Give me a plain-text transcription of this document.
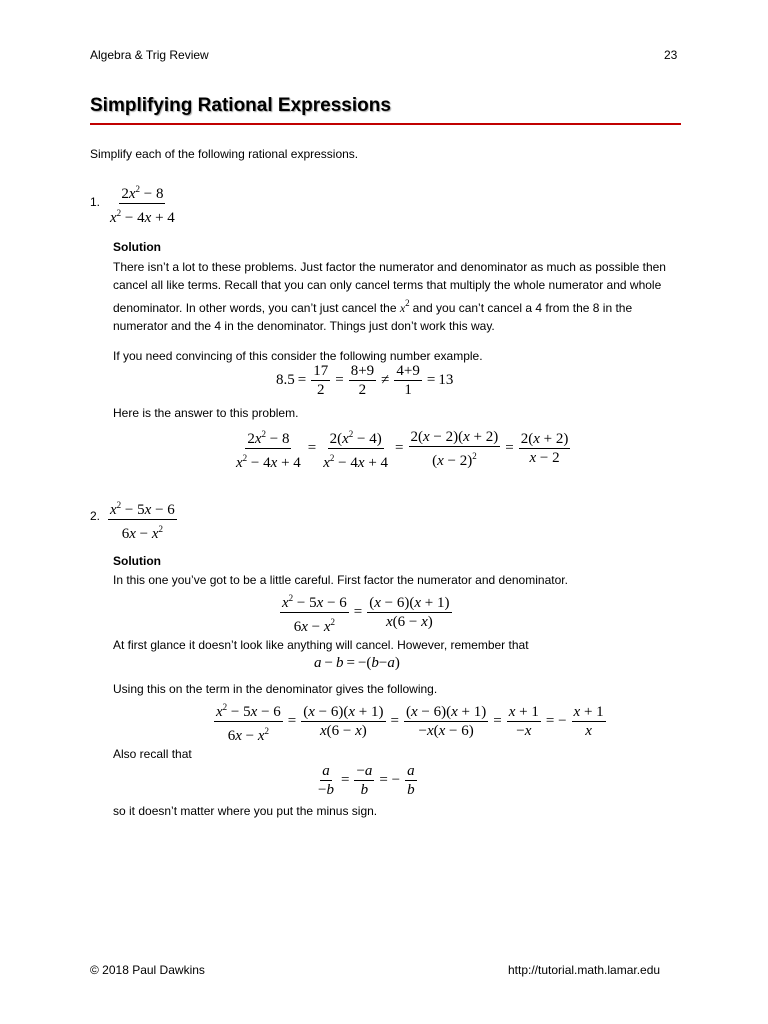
Algebra & Trig Review	23
Simplifying Rational Expressions
Simplify each of the following rational expressions.
1. $\frac{2x^2 - 8}{x^2 - 4x + 4}$
Solution
There isn’t a lot to these problems. Just factor the numerator and denominator as much as possible then cancel all like terms. Recall that you can only cancel terms that multiply the whole numerator and whole denominator. In other words, you can’t just cancel the $x^2$ and you can’t cancel a 4 from the 8 in the numerator and the 4 in the denominator. Things just don’t work this way.
If you need convincing of this consider the following number example.
$8.5 = \frac{17}{2} = \frac{8+9}{2} \ne \frac{4+9}{1} = 13$
Here is the answer to this problem.
$\frac{2x^2 - 8}{x^2 - 4x + 4} = \frac{2(x^2 - 4)}{x^2 - 4x + 4} = \frac{2(x - 2)(x + 2)}{(x - 2)^2} = \frac{2(x + 2)}{x - 2}$
2. $\frac{x^2 - 5x - 6}{6x - x^2}$
Solution
In this one you’ve got to be a little careful. First factor the numerator and denominator.
$\frac{x^2 - 5x - 6}{6x - x^2} = \frac{(x - 6)(x + 1)}{x(6 - x)}$
At first glance it doesn’t look like anything will cancel. However, remember that
a − b = −( b − a )
Using this on the term in the denominator gives the following.
$\frac{x^2 - 5x - 6}{6x - x^2} = \frac{(x - 6)(x + 1)}{x(6 - x)} = \frac{(x - 6)(x + 1)}{-x(x - 6)} = \frac{x + 1}{-x}$ = − $\frac{x + 1}{x}$
Also recall that
$\frac{a}{-b} = \frac{-a}{b}$ = − $\frac{a}{b}$
so it doesn’t matter where you put the minus sign.
© 2018 Paul Dawkins	http://tutorial.math.lamar.edu
